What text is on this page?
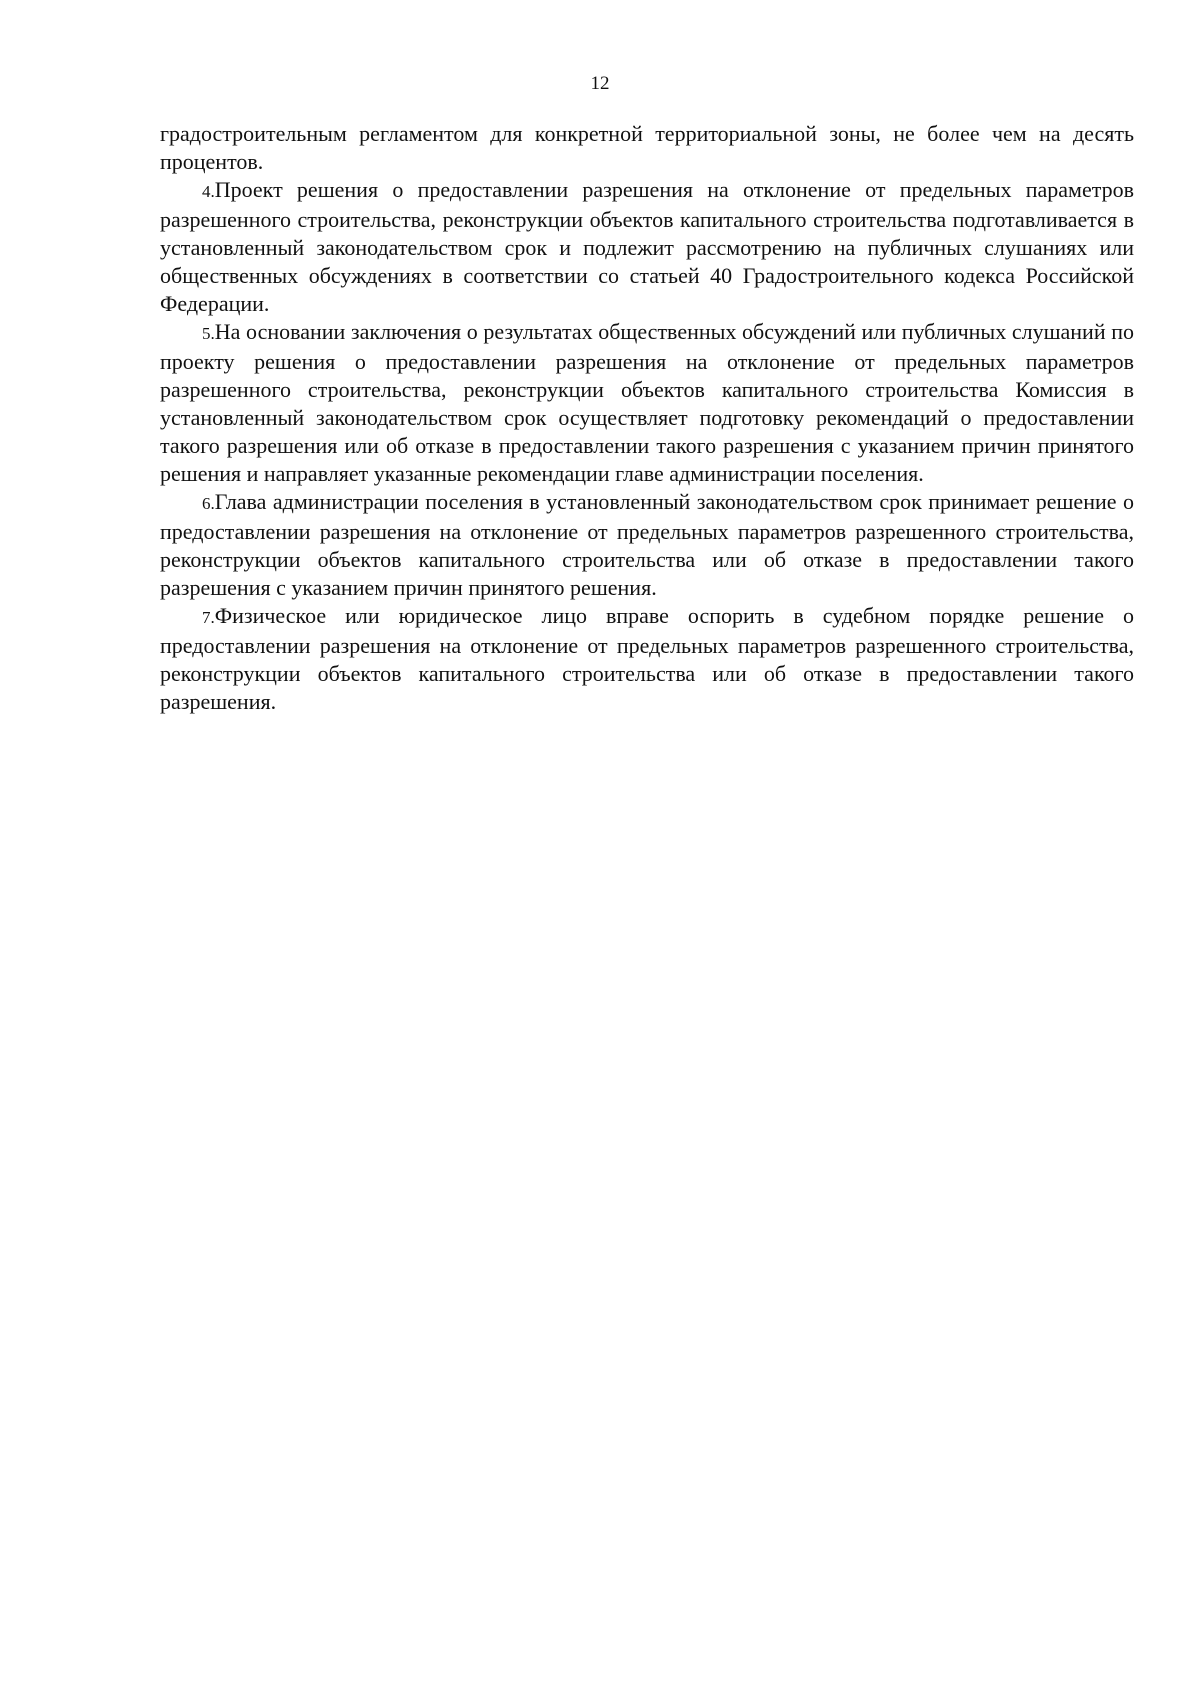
12

градостроительным регламентом для конкретной территориальной зоны, не более чем на десять процентов.

4.Проект решения о предоставлении разрешения на отклонение от предельных параметров разрешенного строительства, реконструкции объектов капитального строительства подготавливается в установленный законодательством срок и подлежит рассмотрению на публичных слушаниях или общественных обсуждениях в соответствии со статьей 40 Градостроительного кодекса Российской Федерации.

5.На основании заключения о результатах общественных обсуждений или публичных слушаний по проекту решения о предоставлении разрешения на отклонение от предельных параметров разрешенного строительства, реконструкции объектов капитального строительства Комиссия в установленный законодательством срок осуществляет подготовку рекомендаций о предоставлении такого разрешения или об отказе в предоставлении такого разрешения с указанием причин принятого решения и направляет указанные рекомендации главе администрации поселения.

6.Глава администрации поселения в установленный законодательством срок принимает решение о предоставлении разрешения на отклонение от предельных параметров разрешенного строительства, реконструкции объектов капитального строительства или об отказе в предоставлении такого разрешения с указанием причин принятого решения.

7.Физическое или юридическое лицо вправе оспорить в судебном порядке решение о предоставлении разрешения на отклонение от предельных параметров разрешенного строительства, реконструкции объектов капитального строительства или об отказе в предоставлении такого разрешения.
